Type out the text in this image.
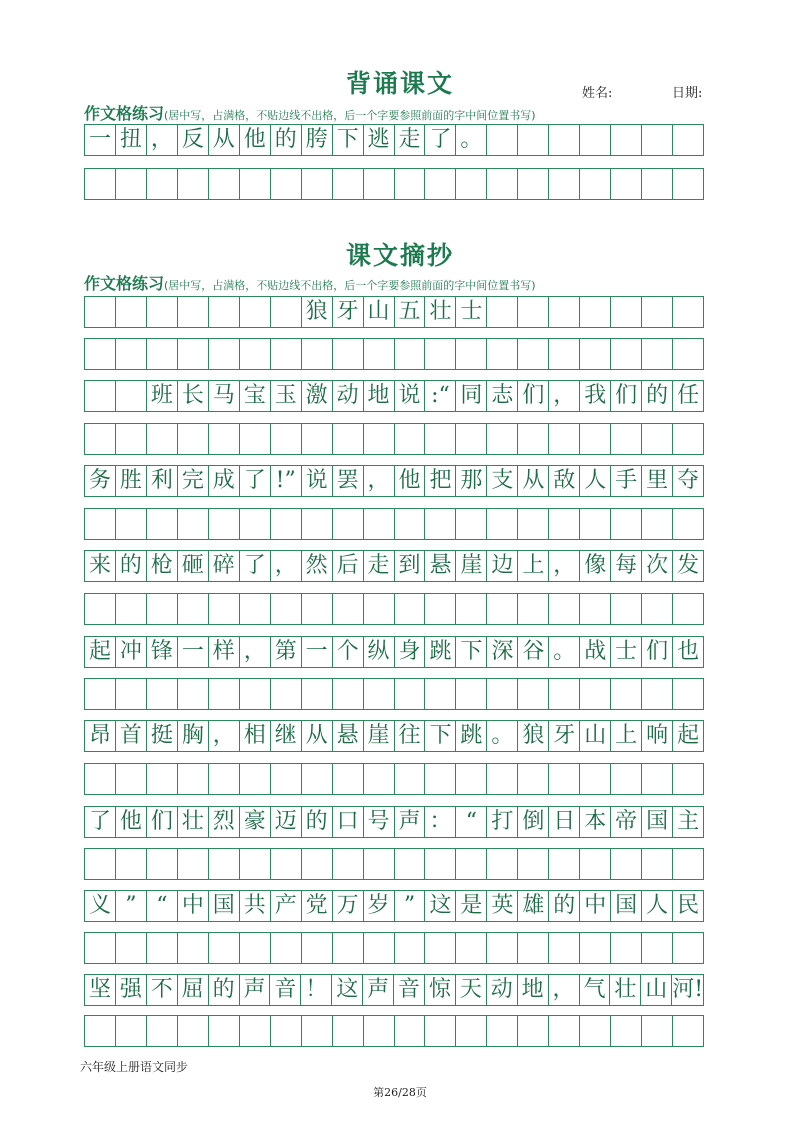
背诵课文	姓名:	日期:
作文格练习(居中写，占满格，不贴边线不出格，后一个字要参照前面的字中间位置书写)
一 扭 ， 反 从 他 的 胯 下 逃 走 了 。
课文摘抄
作文格练习(居中写，占满格，不贴边线不出格，后一个字要参照前面的字中间位置书写)
狼 牙 山 五 壮 士
班 长 马 宝 玉 激 动 地 说 :“ 同 志 们 ， 我 们 的 任
务 胜 利 完 成 了 !” 说 罢 ， 他 把 那 支 从 敌 人 手 里 夺
来 的 枪 砸 碎 了 ， 然 后 走 到 悬 崖 边 上 ， 像 每 次 发
起 冲 锋 一 样 ， 第 一 个 纵 身 跳 下 深 谷 。 战 士 们 也
昂 首 挺 胸 ， 相 继 从 悬 崖 往 下 跳 。 狼 牙 山 上 响 起
了 他 们 壮 烈 豪 迈 的 口 号 声 ： “ 打 倒 日 本 帝 国 主
义 ” “ 中 国 共 产 党 万 岁 ” 这 是 英 雄 的 中 国 人 民
坚 强 不 屈 的 声 音 ！ 这 声 音 惊 天 动 地 ， 气 壮 山 河!
六年级上册语文同步
第26/28页
